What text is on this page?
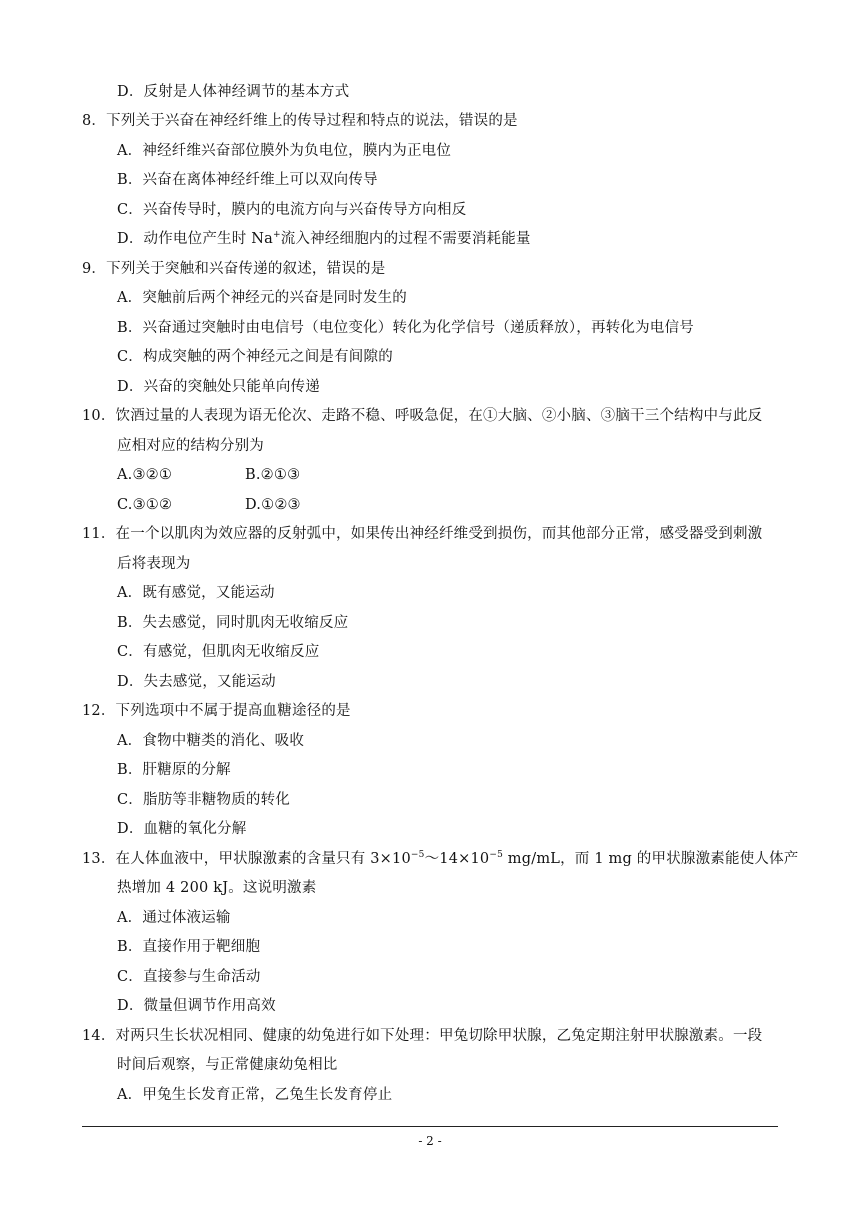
D．反射是人体神经调节的基本方式
8．下列关于兴奋在神经纤维上的传导过程和特点的说法，错误的是
A．神经纤维兴奋部位膜外为负电位，膜内为正电位
B．兴奋在离体神经纤维上可以双向传导
C．兴奋传导时，膜内的电流方向与兴奋传导方向相反
D．动作电位产生时 Na+流入神经细胞内的过程不需要消耗能量
9．下列关于突触和兴奋传递的叙述，错误的是
A．突触前后两个神经元的兴奋是同时发生的
B．兴奋通过突触时由电信号（电位变化）转化为化学信号（递质释放），再转化为电信号
C．构成突触的两个神经元之间是有间隙的
D．兴奋的突触处只能单向传递
10．饮酒过量的人表现为语无伦次、走路不稳、呼吸急促，在①大脑、②小脑、③脑干三个结构中与此反
应相对应的结构分别为
A.③②①	B.②①③
C.③①②	D.①②③
11．在一个以肌肉为效应器的反射弧中，如果传出神经纤维受到损伤，而其他部分正常，感受器受到刺激
后将表现为
A．既有感觉，又能运动
B．失去感觉，同时肌肉无收缩反应
C．有感觉，但肌肉无收缩反应
D．失去感觉，又能运动
12．下列选项中不属于提高血糖途径的是
A．食物中糖类的消化、吸收
B．肝糖原的分解
C．脂肪等非糖物质的转化
D．血糖的氧化分解
13．在人体血液中，甲状腺激素的含量只有 $3\times 10^{-5}\sim 14\times 10^{-5}$ mg/mL，而 1 mg 的甲状腺激素能使人体产
热增加 4 200 kJ。这说明激素
A．通过体液运输
B．直接作用于靶细胞
C．直接参与生命活动
D．微量但调节作用高效
14．对两只生长状况相同、健康的幼兔进行如下处理：甲兔切除甲状腺，乙兔定期注射甲状腺激素。一段
时间后观察，与正常健康幼兔相比
A．甲兔生长发育正常，乙兔生长发育停止
- 2 -
